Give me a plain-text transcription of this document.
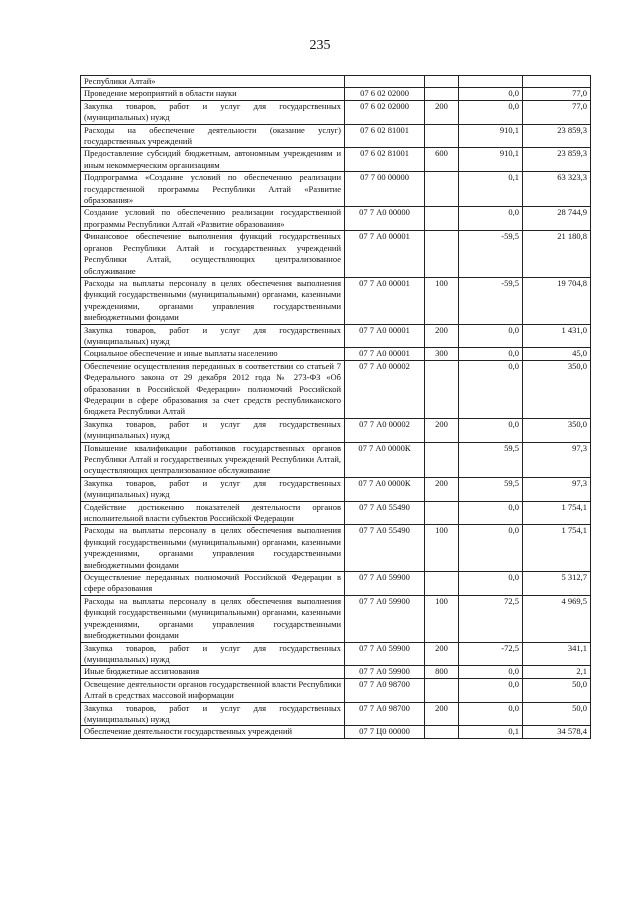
235
Республики Алтай»				
Проведение мероприятий в области науки	07 6 02 02000		0,0	77,0
Закупка товаров, работ и услуг для государственных (муниципальных) нужд	07 6 02 02000	200	0,0	77,0
Расходы на обеспечение деятельности (оказание услуг) государственных учреждений	07 6 02 81001		910,1	23 859,3
Предоставление субсидий бюджетным, автономным учреждениям и иным некоммерческим организациям	07 6 02 81001	600	910,1	23 859,3
Подпрограмма «Создание условий по обеспечению реализации государственной программы Республики Алтай «Развитие образования»	07 7 00 00000		0,1	63 323,3
Создание условий по обеспечению реализации государственной программы Республики Алтай «Развитие образования»	07 7 А0 00000		0,0	28 744,9
Финансовое обеспечение выполнения функций государственных органов Республики Алтай и государственных учреждений Республики Алтай, осуществляющих централизованное обслуживание	07 7 А0 00001		-59,5	21 180,8
Расходы на выплаты персоналу в целях обеспечения выполнения функций государственными (муниципальными) органами, казенными учреждениями, органами управления государственными внебюджетными фондами	07 7 А0 00001	100	-59,5	19 704,8
Закупка товаров, работ и услуг для государственных (муниципальных) нужд	07 7 А0 00001	200	0,0	1 431,0
Социальное обеспечение и иные выплаты населению	07 7 А0 00001	300	0,0	45,0
Обеспечение осуществления переданных в соответствии со статьей 7 Федерального закона от 29 декабря 2012 года № 273-ФЗ «Об образовании в Российской Федерации» полномочий Российской Федерации в сфере образования за счет средств республиканского бюджета Республики Алтай	07 7 А0 00002		0,0	350,0
Закупка товаров, работ и услуг для государственных (муниципальных) нужд	07 7 А0 00002	200	0,0	350,0
Повышение квалификации работников государственных органов Республики Алтай и государственных учреждений Республики Алтай, осуществляющих централизованное обслуживание	07 7 А0 0000К		59,5	97,3
Закупка товаров, работ и услуг для государственных (муниципальных) нужд	07 7 А0 0000К	200	59,5	97,3
Содействие достижению показателей деятельности органов исполнительной власти субъектов Российской Федерации	07 7 А0 55490		0,0	1 754,1
Расходы на выплаты персоналу в целях обеспечения выполнения функций государственными (муниципальными) органами, казенными учреждениями, органами управления государственными внебюджетными фондами	07 7 А0 55490	100	0,0	1 754,1
Осуществление переданных полномочий Российской Федерации в сфере образования	07 7 А0 59900		0,0	5 312,7
Расходы на выплаты персоналу в целях обеспечения выполнения функций государственными (муниципальными) органами, казенными учреждениями, органами управления государственными внебюджетными фондами	07 7 А0 59900	100	72,5	4 969,5
Закупка товаров, работ и услуг для государственных (муниципальных) нужд	07 7 А0 59900	200	-72,5	341,1
Иные бюджетные ассигнования	07 7 А0 59900	800	0,0	2,1
Освещение деятельности органов государственной власти Республики Алтай в средствах массовой информации	07 7 А0 98700		0,0	50,0
Закупка товаров, работ и услуг для государственных (муниципальных) нужд	07 7 А0 98700	200	0,0	50,0
Обеспечение деятельности государственных учреждений	07 7 Ц0 00000		0,1	34 578,4
